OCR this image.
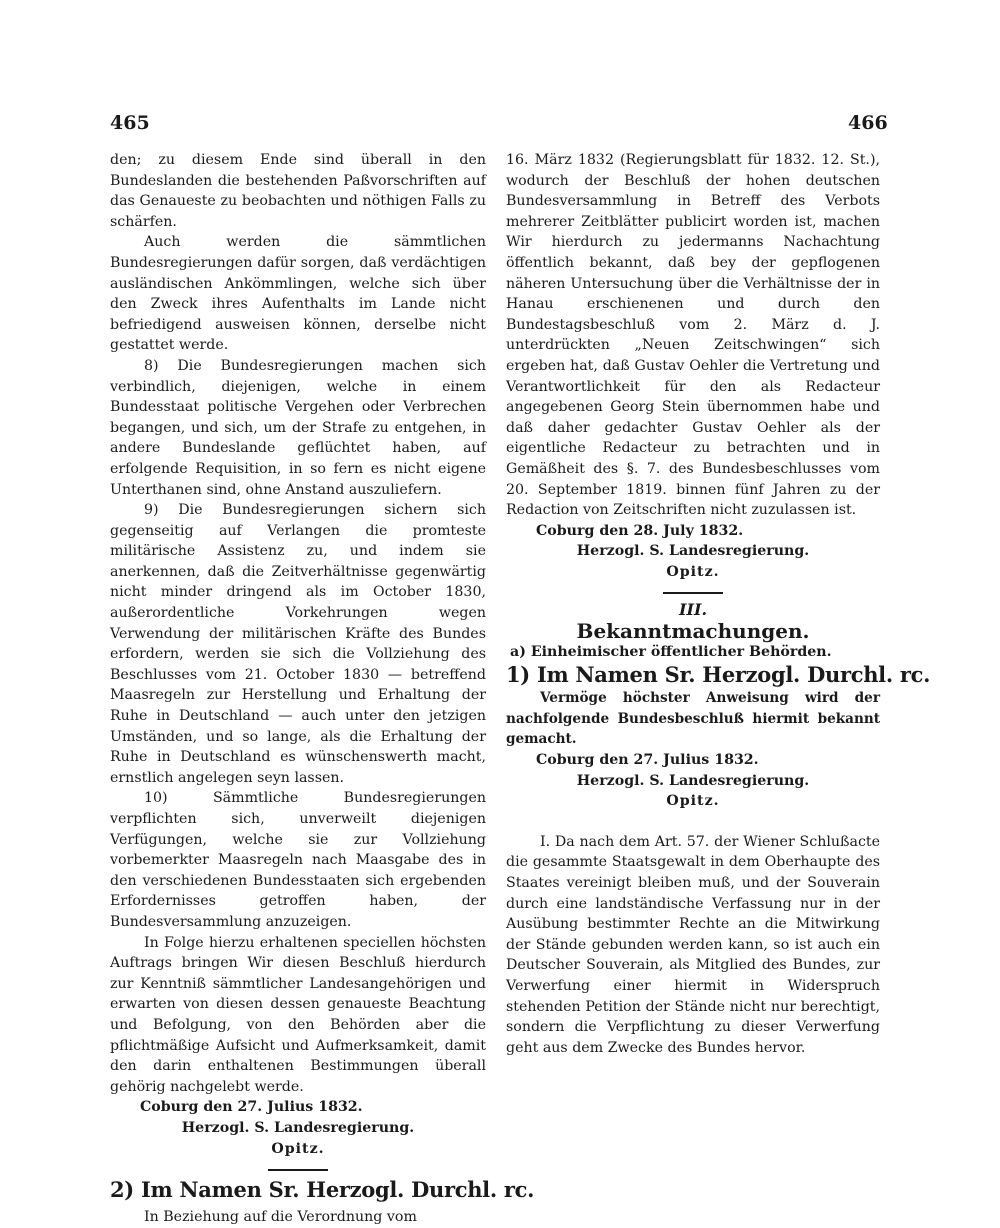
465	466

den; zu diesem Ende sind überall in den Bundeslanden die bestehenden Paßvorschriften auf das Genaueste zu beobachten und nöthigen Falls zu schärfen.

Auch werden die sämmtlichen Bundesregierungen dafür sorgen, daß verdächtigen ausländischen Ankömmlingen, welche sich über den Zweck ihres Aufenthalts im Lande nicht befriedigend ausweisen können, derselbe nicht gestattet werde.

8) Die Bundesregierungen machen sich verbindlich, diejenigen, welche in einem Bundesstaat politische Vergehen oder Verbrechen begangen, und sich, um der Strafe zu entgehen, in andere Bundeslande geflüchtet haben, auf erfolgende Requisition, in so fern es nicht eigene Unterthanen sind, ohne Anstand auszuliefern.

9) Die Bundesregierungen sichern sich gegenseitig auf Verlangen die promteste militärische Assistenz zu, und indem sie anerkennen, daß die Zeitverhältnisse gegenwärtig nicht minder dringend als im October 1830, außerordentliche Vorkehrungen wegen Verwendung der militärischen Kräfte des Bundes erfordern, werden sie sich die Vollziehung des Beschlusses vom 21. October 1830 — betreffend Maasregeln zur Herstellung und Erhaltung der Ruhe in Deutschland — auch unter den jetzigen Umständen, und so lange, als die Erhaltung der Ruhe in Deutschland es wünschenswerth macht, ernstlich angelegen seyn lassen.

10) Sämmtliche Bundesregierungen verpflichten sich, unverweilt diejenigen Verfügungen, welche sie zur Vollziehung vorbemerkter Maasregeln nach Maasgabe des in den verschiedenen Bundesstaaten sich ergebenden Erfordernisses getroffen haben, der Bundesversammlung anzuzeigen.

In Folge hierzu erhaltenen speciellen höchsten Auftrags bringen Wir diesen Beschluß hierdurch zur Kenntniß sämmtlicher Landesangehörigen und erwarten von diesen dessen genaueste Beachtung und Befolgung, von den Behörden aber die pflichtmäßige Aufsicht und Aufmerksamkeit, damit den darin enthaltenen Bestimmungen überall gehörig nachgelebt werde.

Coburg den 27. Julius 1832.

Herzogl. S. Landesregierung.

Opitz.

2) Im Namen Sr. Herzogl. Durchl. rc.

In Beziehung auf die Verordnung vom

16. März 1832 (Regierungsblatt für 1832. 12. St.), wodurch der Beschluß der hohen deutschen Bundesversammlung in Betreff des Verbots mehrerer Zeitblätter publicirt worden ist, machen Wir hierdurch zu jedermanns Nachachtung öffentlich bekannt, daß bey der gepflogenen näheren Untersuchung über die Verhältnisse der in Hanau erschienenen und durch den Bundestagsbeschluß vom 2. März d. J. unterdrückten „Neuen Zeitschwingen“ sich ergeben hat, daß Gustav Oehler die Vertretung und Verantwortlichkeit für den als Redacteur angegebenen Georg Stein übernommen habe und daß daher gedachter Gustav Oehler als der eigentliche Redacteur zu betrachten und in Gemäßheit des §. 7. des Bundesbeschlusses vom 20. September 1819. binnen fünf Jahren zu der Redaction von Zeitschriften nicht zuzulassen ist.

Coburg den 28. July 1832.

Herzogl. S. Landesregierung.

Opitz.

III.

Bekanntmachungen.

a) Einheimischer öffentlicher Behörden.

1) Im Namen Sr. Herzogl. Durchl. rc.

Vermöge höchster Anweisung wird der nachfolgende Bundesbeschluß hiermit bekannt gemacht.

Coburg den 27. Julius 1832.

Herzogl. S. Landesregierung.

Opitz.

I. Da nach dem Art. 57. der Wiener Schlußacte die gesammte Staatsgewalt in dem Oberhaupte des Staates vereinigt bleiben muß, und der Souverain durch eine landständische Verfassung nur in der Ausübung bestimmter Rechte an die Mitwirkung der Stände gebunden werden kann, so ist auch ein Deutscher Souverain, als Mitglied des Bundes, zur Verwerfung einer hiermit in Widerspruch stehenden Petition der Stände nicht nur berechtigt, sondern die Verpflichtung zu dieser Verwerfung geht aus dem Zwecke des Bundes hervor.
